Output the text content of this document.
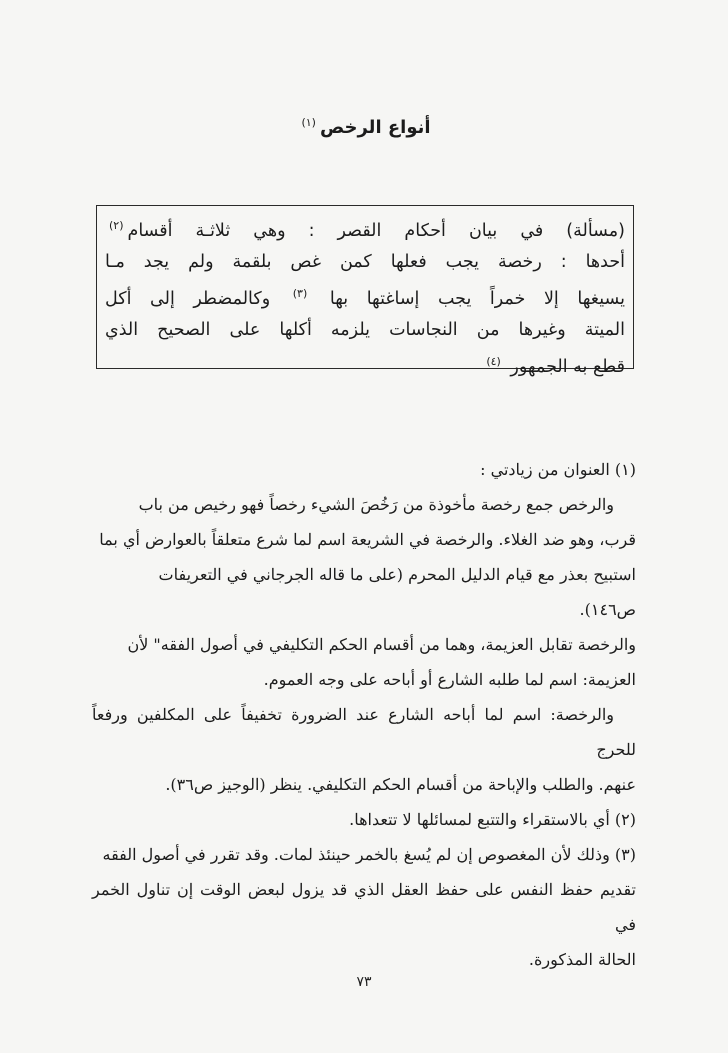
أنواع الرخص$^{(١)}$
(مسألة) في بيان أحكام القصر : وهي ثلاثـة أقسام$^{(٢)}$
أحدها : رخصة يجب فعلها كمن غص بلقمة ولم يجد مـا
يسيغها إلا خمراً يجب إساغتها بها $^{(٣)}$ وكالمضطر إلى أكل
الميتة وغيرها من النجاسات يلزمه أكلها على الصحيح الذي
قطع به الجمهور $^{(٤)}$
(١) العنوان من زيادتي :
والرخص جمع رخصة مأخوذة من رَخُصَ الشيء رخصاً فهو رخيص من باب
قرب، وهو ضد الغلاء. والرخصة في الشريعة اسم لما شرع متعلقاً بالعوارض أي بما
استبيح بعذر مع قيام الدليل المحرم (على ما قاله الجرجاني في التعريفات
ص١٤٦).
والرخصة تقابل العزيمة، وهما من أقسام الحكم التكليفي في أصول الفقه" لأن
العزيمة: اسم لما طلبه الشارع أو أباحه على وجه العموم.
والرخصة: اسم لما أباحه الشارع عند الضرورة تخفيفاً على المكلفين ورفعاً للحرج
عنهم. والطلب والإباحة من أقسام الحكم التكليفي. ينظر (الوجيز ص٣٦).
(٢) أي بالاستقراء والتتبع لمسائلها لا تتعداها.
(٣) وذلك لأن المغصوص إن لم يُسغ بالخمر حينئذ لمات. وقد تقرر في أصول الفقه
تقديم حفظ النفس على حفظ العقل الذي قد يزول لبعض الوقت إن تناول الخمر في
الحالة المذكورة.
٧٣
